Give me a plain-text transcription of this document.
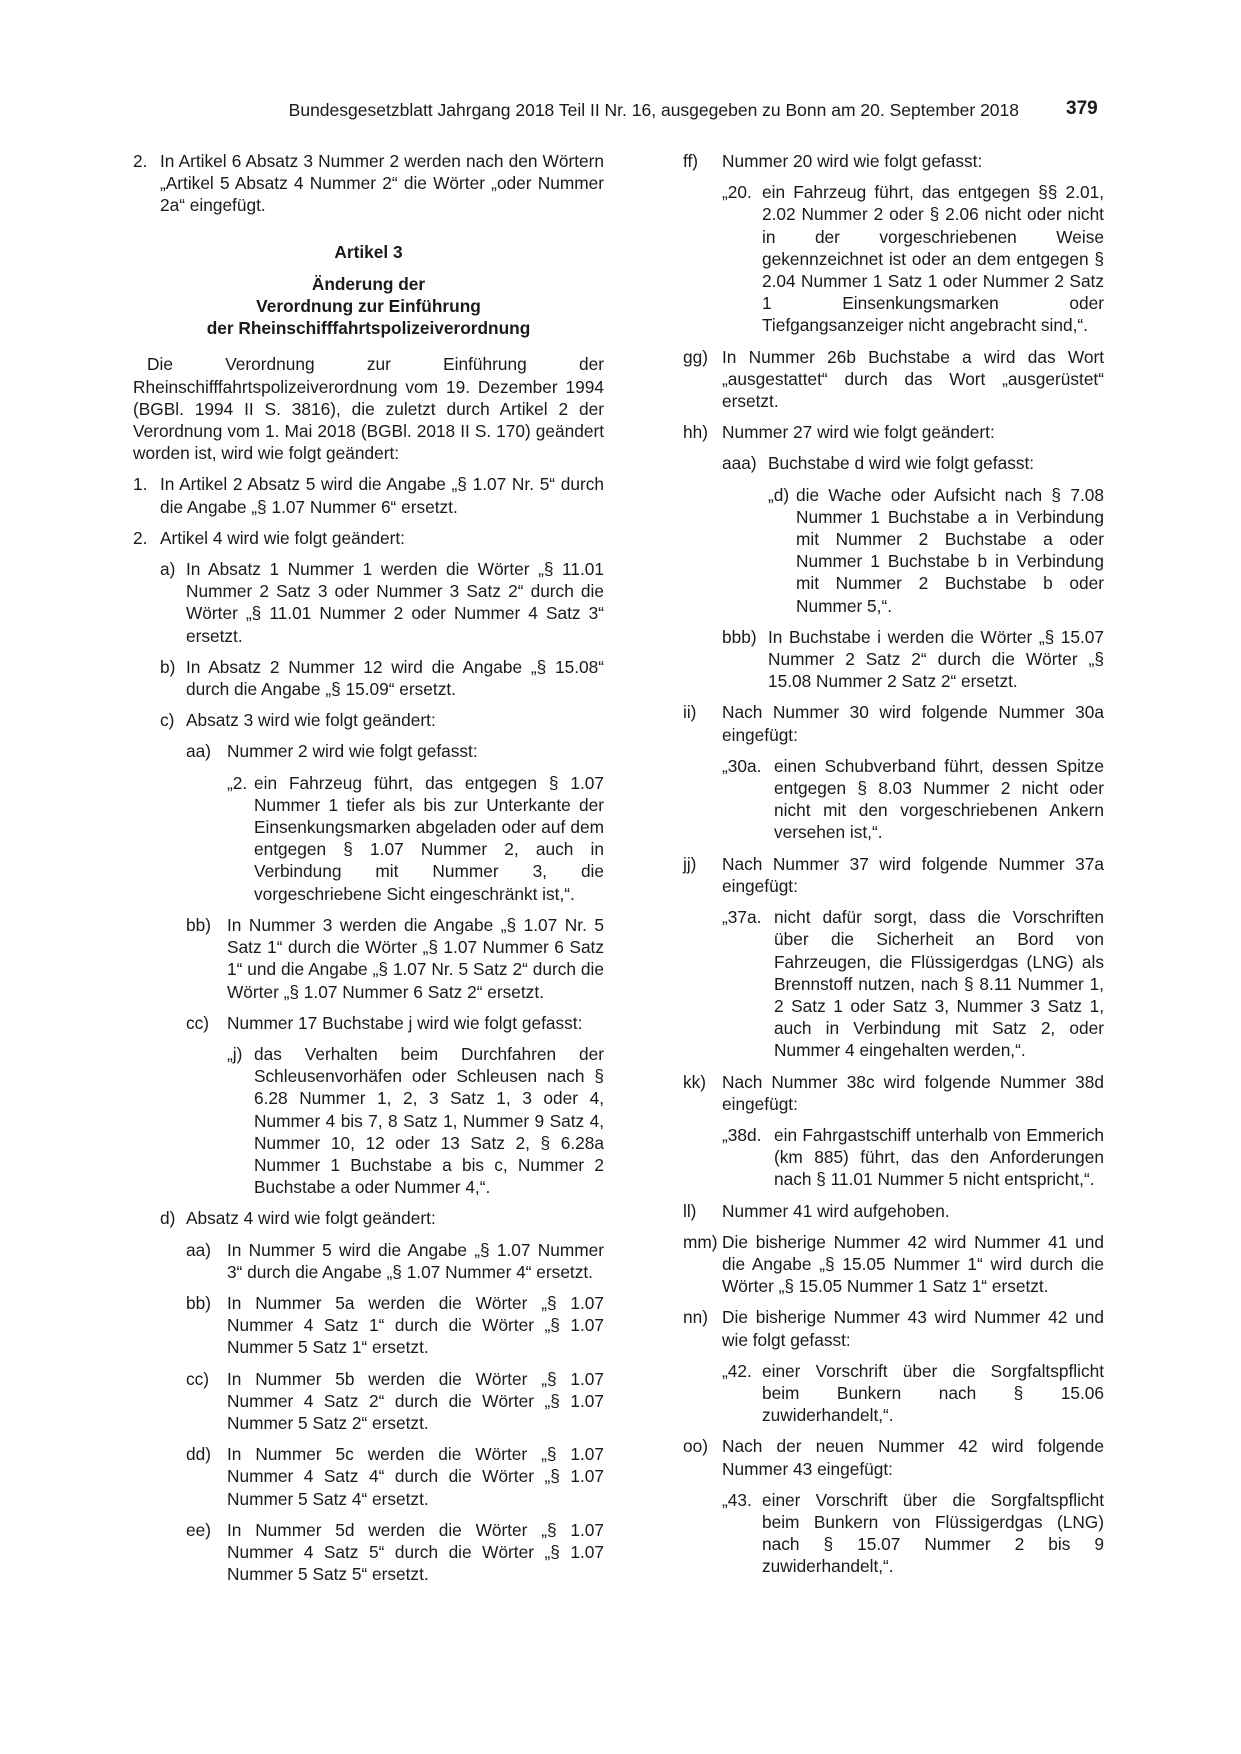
Bundesgesetzblatt Jahrgang 2018 Teil II Nr. 16, ausgegeben zu Bonn am 20. September 2018 379
2. In Artikel 6 Absatz 3 Nummer 2 werden nach den Wörtern „Artikel 5 Absatz 4 Nummer 2“ die Wörter „oder Nummer 2a“ eingefügt.
Artikel 3
Änderung der
Verordnung zur Einführung
der Rheinschifffahrtspolizeiverordnung
Die Verordnung zur Einführung der Rheinschifffahrtspolizeiverordnung vom 19. Dezember 1994 (BGBl. 1994 II S. 3816), die zuletzt durch Artikel 2 der Verordnung vom 1. Mai 2018 (BGBl. 2018 II S. 170) geändert worden ist, wird wie folgt geändert:
1. In Artikel 2 Absatz 5 wird die Angabe „§ 1.07 Nr. 5“ durch die Angabe „§ 1.07 Nummer 6“ ersetzt.
2. Artikel 4 wird wie folgt geändert:
a) In Absatz 1 Nummer 1 werden die Wörter „§ 11.01 Nummer 2 Satz 3 oder Nummer 3 Satz 2“ durch die Wörter „§ 11.01 Nummer 2 oder Nummer 4 Satz 3“ ersetzt.
b) In Absatz 2 Nummer 12 wird die Angabe „§ 15.08“ durch die Angabe „§ 15.09“ ersetzt.
c) Absatz 3 wird wie folgt geändert:
aa) Nummer 2 wird wie folgt gefasst:
„2. ein Fahrzeug führt, das entgegen § 1.07 Nummer 1 tiefer als bis zur Unterkante der Einsenkungsmarken abgeladen oder auf dem entgegen § 1.07 Nummer 2, auch in Verbindung mit Nummer 3, die vorgeschriebene Sicht eingeschränkt ist,“.
bb) In Nummer 3 werden die Angabe „§ 1.07 Nr. 5 Satz 1“ durch die Wörter „§ 1.07 Nummer 6 Satz 1“ und die Angabe „§ 1.07 Nr. 5 Satz 2“ durch die Wörter „§ 1.07 Nummer 6 Satz 2“ ersetzt.
cc)	Nummer 17 Buchstabe j wird wie folgt gefasst:
„j) das Verhalten beim Durchfahren der Schleusenvorhäfen oder Schleusen nach § 6.28 Nummer 1, 2, 3 Satz 1, 3 oder 4, Nummer 4 bis 7, 8 Satz 1, Nummer 9 Satz 4, Nummer 10, 12 oder 13 Satz 2, § 6.28a Nummer 1 Buchstabe a bis c, Nummer 2 Buchstabe a oder Nummer 4,“.
d) Absatz 4 wird wie folgt geändert:
aa) In Nummer 5 wird die Angabe „§ 1.07 Nummer 3“ durch die Angabe „§ 1.07 Nummer 4“ ersetzt.
bb) In Nummer 5a werden die Wörter „§ 1.07 Nummer 4 Satz 1“ durch die Wörter „§ 1.07 Nummer 5 Satz 1“ ersetzt.
cc)	In Nummer 5b werden die Wörter „§ 1.07 Nummer 4 Satz 2“ durch die Wörter „§ 1.07 Nummer 5 Satz 2“ ersetzt.
dd) In Nummer 5c werden die Wörter „§ 1.07 Nummer 4 Satz 4“ durch die Wörter „§ 1.07 Nummer 5 Satz 4“ ersetzt.
ee) In Nummer 5d werden die Wörter „§ 1.07 Nummer 4 Satz 5“ durch die Wörter „§ 1.07 Nummer 5 Satz 5“ ersetzt.
ff)	Nummer 20 wird wie folgt gefasst:
„20. ein Fahrzeug führt, das entgegen §§ 2.01, 2.02 Nummer 2 oder § 2.06 nicht oder nicht in der vorgeschriebenen Weise gekennzeichnet ist oder an dem entgegen § 2.04 Nummer 1 Satz 1 oder Nummer 2 Satz 1 Einsenkungsmarken oder Tiefgangsanzeiger nicht angebracht sind,“.
gg) In Nummer 26b Buchstabe a wird das Wort „ausgestattet“ durch das Wort „ausgerüstet“ ersetzt.
hh) Nummer 27 wird wie folgt geändert:
aaa) Buchstabe d wird wie folgt gefasst:
„d) die Wache oder Aufsicht nach § 7.08 Nummer 1 Buchstabe a in Verbindung mit Nummer 2 Buchstabe a oder Nummer 1 Buchstabe b in Verbindung mit Nummer 2 Buchstabe b oder Nummer 5,“.
bbb) In Buchstabe i werden die Wörter „§ 15.07 Nummer 2 Satz 2“ durch die Wörter „§ 15.08 Nummer 2 Satz 2“ ersetzt.
ii)	Nach Nummer 30 wird folgende Nummer 30a eingefügt:
„30a. einen Schubverband führt, dessen Spitze entgegen § 8.03 Nummer 2 nicht oder nicht mit den vorgeschriebenen Ankern versehen ist,“.
jj)	Nach Nummer 37 wird folgende Nummer 37a eingefügt:
„37a. nicht dafür sorgt, dass die Vorschriften über die Sicherheit an Bord von Fahrzeugen, die Flüssigerdgas (LNG) als Brennstoff nutzen, nach § 8.11 Nummer 1, 2 Satz 1 oder Satz 3, Nummer 3 Satz 1, auch in Verbindung mit Satz 2, oder Nummer 4 eingehalten werden,“.
kk) Nach Nummer 38c wird folgende Nummer 38d eingefügt:
„38d. ein Fahrgastschiff unterhalb von Emmerich (km 885) führt, das den Anforderungen nach § 11.01 Nummer 5 nicht entspricht,“.
ll)	Nummer 41 wird aufgehoben.
mm) Die bisherige Nummer 42 wird Nummer 41 und die Angabe „§ 15.05 Nummer 1“ wird durch die Wörter „§ 15.05 Nummer 1 Satz 1“ ersetzt.
nn) Die bisherige Nummer 43 wird Nummer 42 und wie folgt gefasst:
„42. einer Vorschrift über die Sorgfaltspflicht beim Bunkern nach § 15.06 zuwiderhandelt,“.
oo) Nach der neuen Nummer 42 wird folgende Nummer 43 eingefügt:
„43. einer Vorschrift über die Sorgfaltspflicht beim Bunkern von Flüssigerdgas (LNG) nach § 15.07 Nummer 2 bis 9 zuwiderhandelt,“.
